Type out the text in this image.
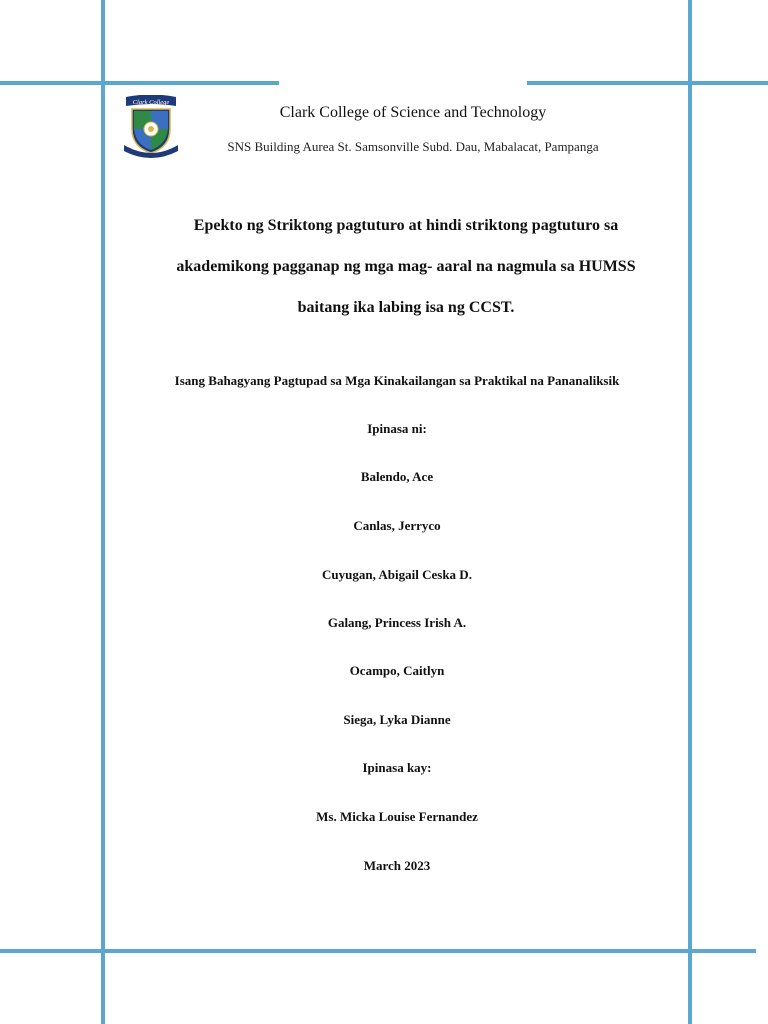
Clark College
Clark College of Science and Technology
SNS Building Aurea St. Samsonville Subd. Dau, Mabalacat, Pampanga
Epekto ng Striktong pagtuturo at hindi striktong pagtuturo sa
akademikong pagganap ng mga mag- aaral na nagmula sa HUMSS
baitang ika labing isa ng CCST.
Isang Bahagyang Pagtupad sa Mga Kinakailangan sa Praktikal na Pananaliksik
Ipinasa ni:
Balendo, Ace
Canlas, Jerryco
Cuyugan, Abigail Ceska D.
Galang, Princess Irish A.
Ocampo, Caitlyn
Siega, Lyka Dianne
Ipinasa kay:
Ms. Micka Louise Fernandez
March 2023
